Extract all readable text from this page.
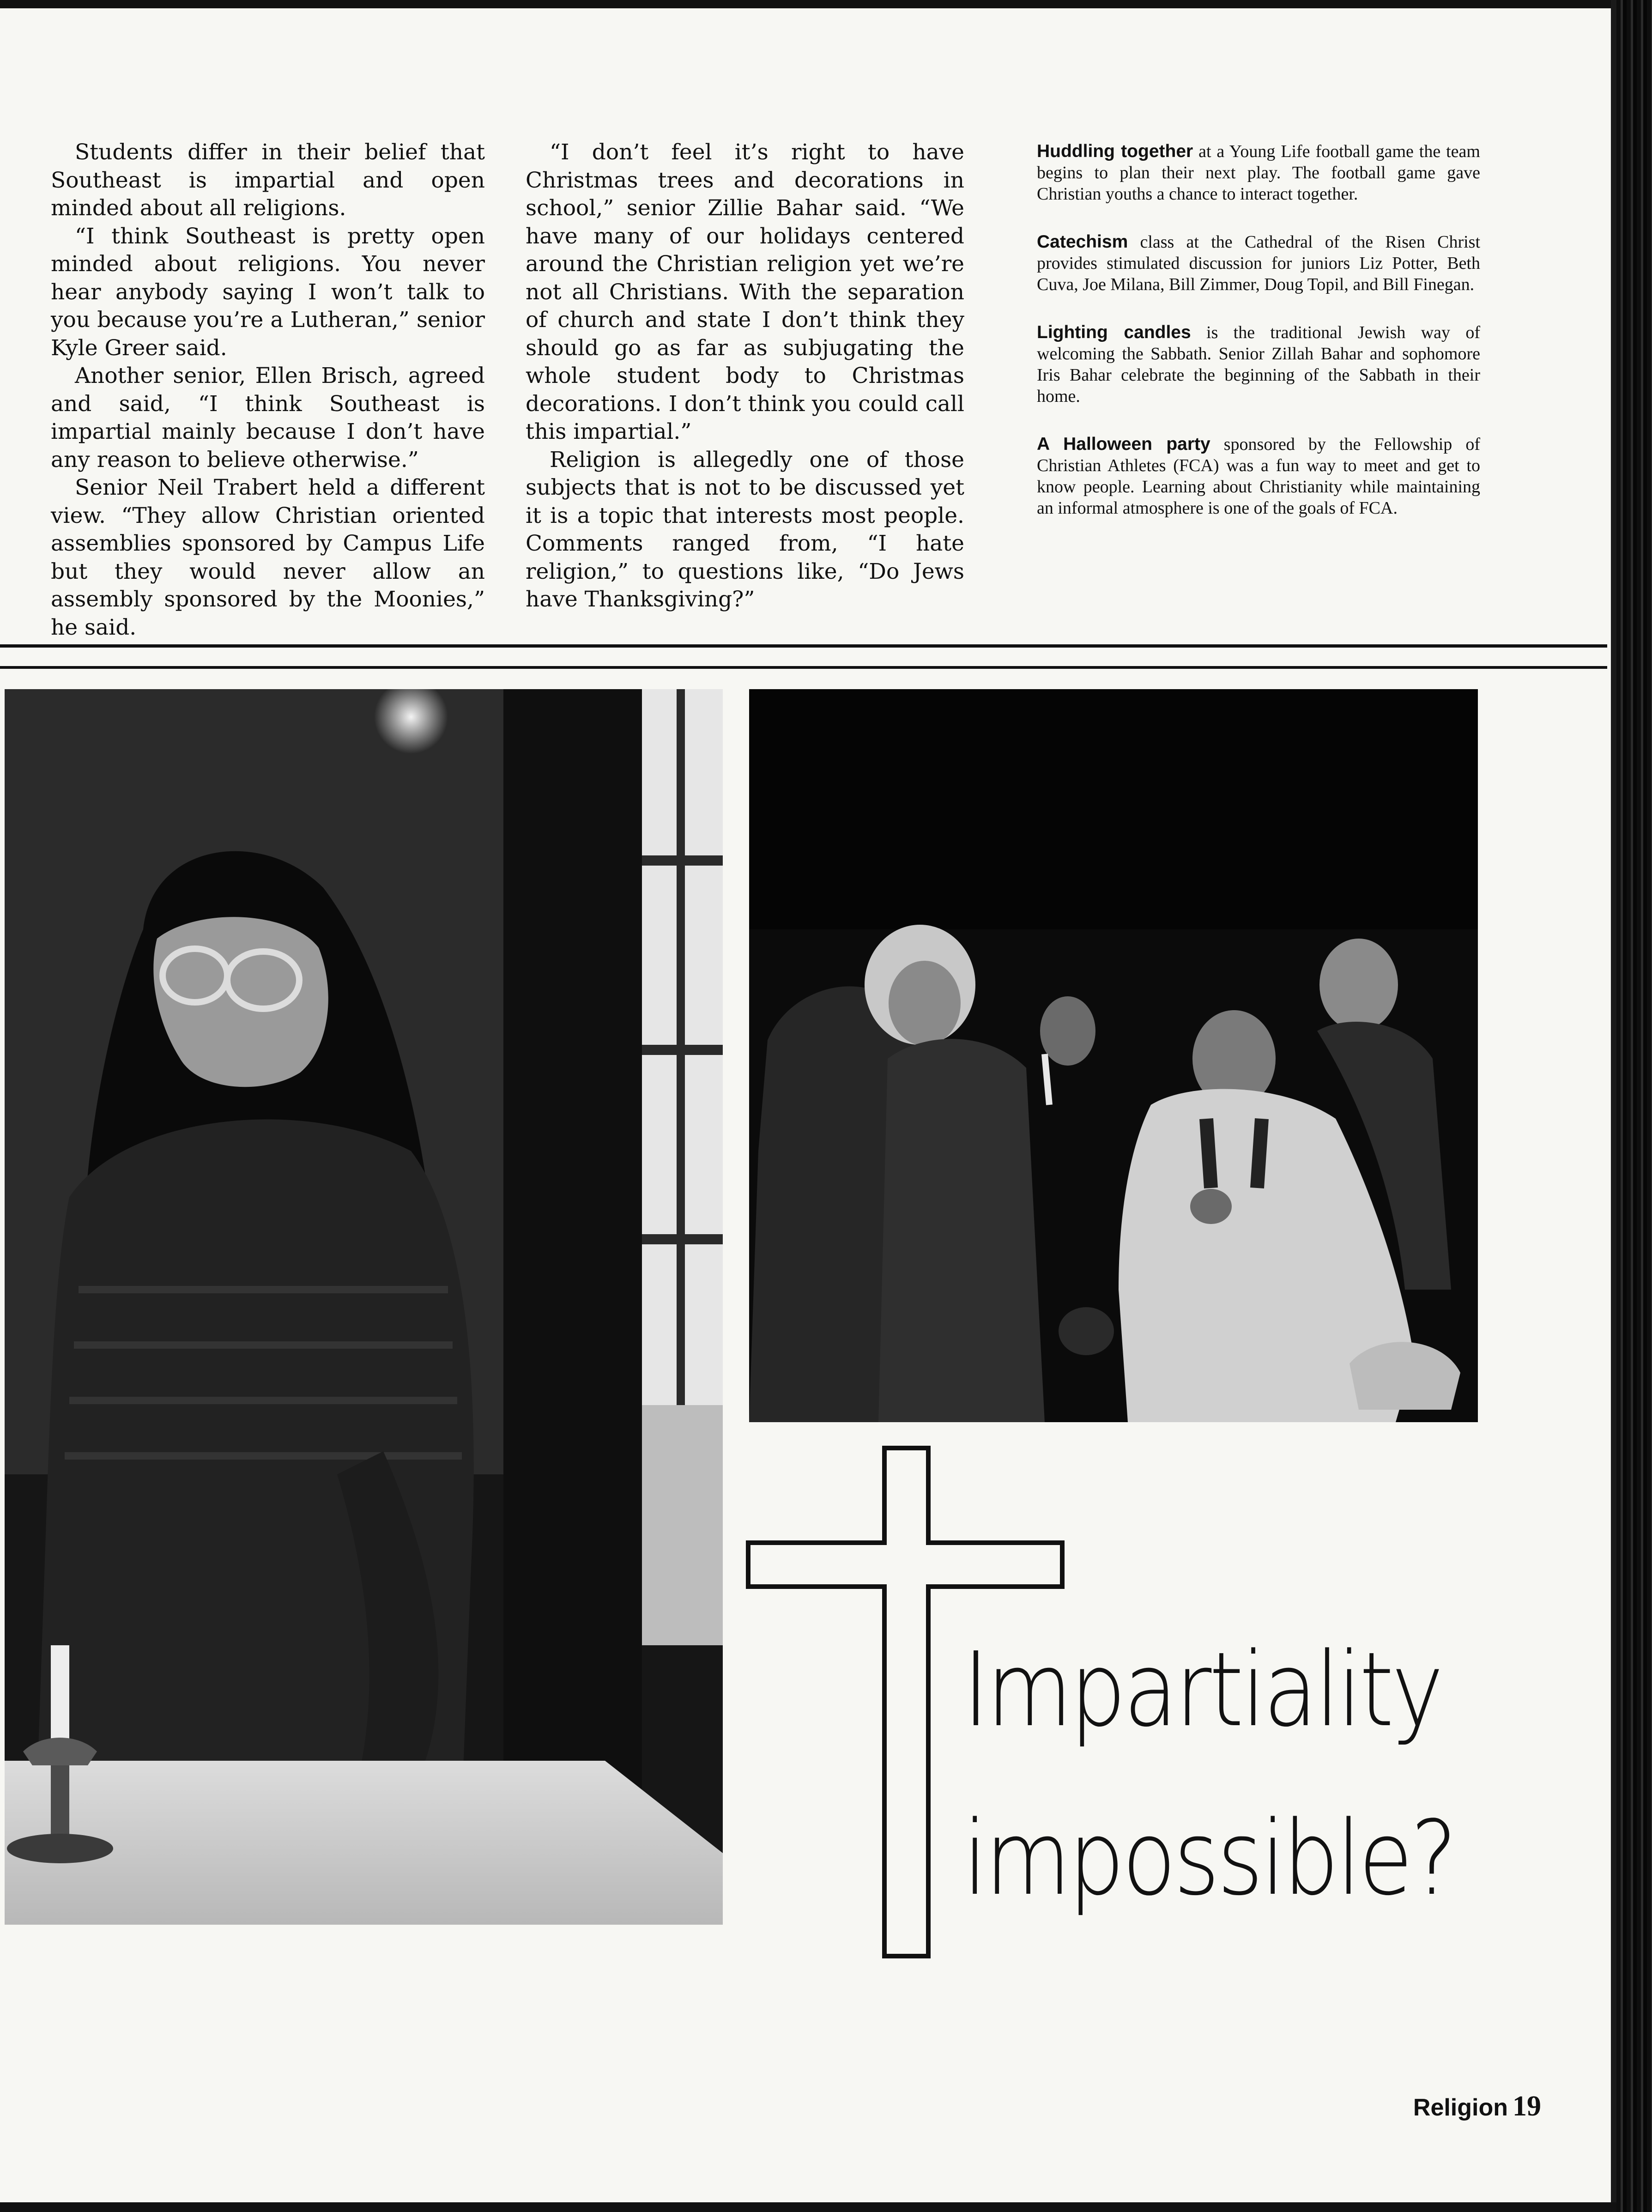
Students differ in their belief that Southeast is impartial and open minded about all religions.

“I think Southeast is pretty open minded about religions. You never hear anybody saying I won’t talk to you because you’re a Lutheran,” senior Kyle Greer said.

Another senior, Ellen Brisch, agreed and said, “I think Southeast is impartial mainly because I don’t have any reason to believe otherwise.”

Senior Neil Trabert held a different view. “They allow Christian oriented assemblies sponsored by Campus Life but they would never allow an assembly sponsored by the Moonies,” he said.

“I don’t feel it’s right to have Christmas trees and decorations in school,” senior Zillie Bahar said. “We have many of our holidays centered around the Christian religion yet we’re not all Christians. With the separation of church and state I don’t think they should go as far as subjugating the whole student body to Christmas decorations. I don’t think you could call this impartial.”

Religion is allegedly one of those subjects that is not to be discussed yet it is a topic that interests most people. Comments ranged from, “I hate religion,” to questions like, “Do Jews have Thanksgiving?”

Huddling together at a Young Life football game the team begins to plan their next play. The football game gave Christian youths a chance to interact together.

Catechism class at the Cathedral of the Risen Christ provides stimulated discussion for juniors Liz Potter, Beth Cuva, Joe Milana, Bill Zimmer, Doug Topil, and Bill Finegan.

Lighting candles is the traditional Jewish way of welcoming the Sabbath. Senior Zillah Bahar and sophomore Iris Bahar celebrate the beginning of the Sabbath in their home.

A Halloween party sponsored by the Fellowship of Christian Athletes (FCA) was a fun way to meet and get to know people. Learning about Christianity while maintaining an informal atmosphere is one of the goals of FCA.

Impartiality
impossible?
Religion 19
